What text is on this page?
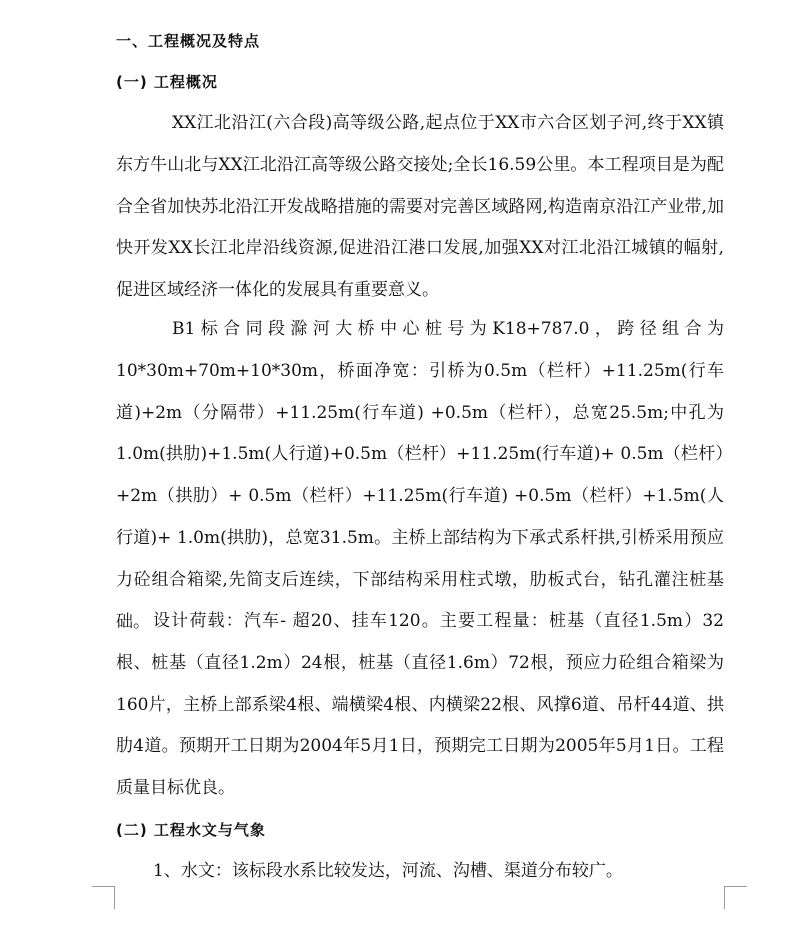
一、工程概况及特点
(一) 工程概况

XX江北沿江(六合段)高等级公路,起点位于XX市六合区划子河,终于XX镇东方牛山北与XX江北沿江高等级公路交接处;全长16.59公里。本工程项目是为配合全省加快苏北沿江开发战略措施的需要对完善区域路网,构造南京沿江产业带,加快开发XX长江北岸沿线资源,促进沿江港口发展,加强XX对江北沿江城镇的幅射,促进区域经济一体化的发展具有重要意义。

B1标合同段滁河大桥中心桩号为K18+787.0，跨径组合为10*30m+70m+10*30m，桥面净宽：引桥为0.5m（栏杆）+11.25m(行车道)+2m（分隔带）+11.25m(行车道) +0.5m（栏杆），总宽25.5m;中孔为1.0m(拱肋)+1.5m(人行道)+0.5m（栏杆）+11.25m(行车道)+ 0.5m（栏杆）+2m（拱肋）+ 0.5m（栏杆）+11.25m(行车道) +0.5m（栏杆）+1.5m(人行道)+ 1.0m(拱肋)，总宽31.5m。主桥上部结构为下承式系杆拱,引桥采用预应力砼组合箱梁,先简支后连续，下部结构采用柱式墩，肋板式台，钻孔灌注桩基础。 设计荷载：汽车- 超20、挂车120。主要工程量：桩基（直径1.5m）32根、桩基（直径1.2m）24根，桩基（直径1.6m）72根，预应力砼组合箱梁为160片，主桥上部系梁4根、端横梁4根、内横梁22根、风撑6道、吊杆44道、拱肋4道。预期开工日期为2004年5月1日，预期完工日期为2005年5月1日。工程质量目标优良。

(二) 工程水文与气象

1、水文：该标段水系比较发达，河流、沟槽、渠道分布较广。
